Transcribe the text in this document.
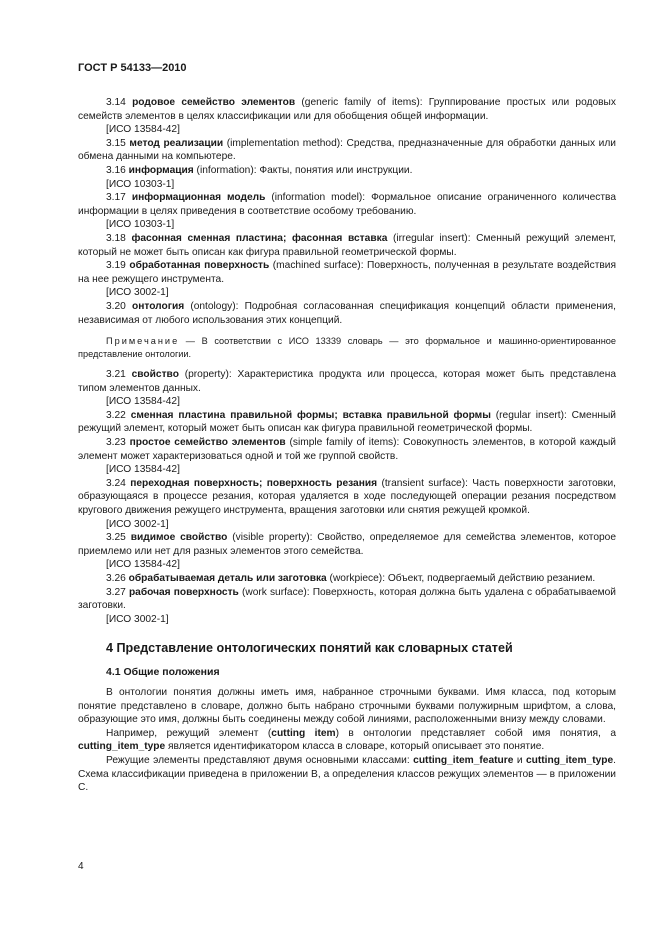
ГОСТ Р 54133—2010

3.14 родовое семейство элементов (generic family of items): Группирование простых или родовых семейств элементов в целях классификации или для обобщения общей информации.

[ИСО 13584-42]

3.15 метод реализации (implementation method): Средства, предназначенные для обработки данных или обмена данными на компьютере.

3.16 информация (information): Факты, понятия или инструкции.

[ИСО 10303-1]

3.17 информационная модель (information model): Формальное описание ограниченного количества информации в целях приведения в соответствие особому требованию.

[ИСО 10303-1]

3.18 фасонная сменная пластина; фасонная вставка (irregular insert): Сменный режущий элемент, который не может быть описан как фигура правильной геометрической формы.

3.19 обработанная поверхность (machined surface): Поверхность, полученная в результате воздействия на нее режущего инструмента.

[ИСО 3002-1]

3.20 онтология (ontology): Подробная согласованная спецификация концепций области применения, независимая от любого использования этих концепций.

Примечание — В соответствии с ИСО 13339 словарь — это формальное и машинно-ориентированное представление онтологии.

3.21 свойство (property): Характеристика продукта или процесса, которая может быть представлена типом элементов данных.

[ИСО 13584-42]

3.22 сменная пластина правильной формы; вставка правильной формы (regular insert): Сменный режущий элемент, который может быть описан как фигура правильной геометрической формы.

3.23 простое семейство элементов (simple family of items): Совокупность элементов, в которой каждый элемент может характеризоваться одной и той же группой свойств.

[ИСО 13584-42]

3.24 переходная поверхность; поверхность резания (transient surface): Часть поверхности заготовки, образующаяся в процессе резания, которая удаляется в ходе последующей операции резания посредством кругового движения режущего инструмента, вращения заготовки или снятия режущей кромкой.

[ИСО 3002-1]

3.25 видимое свойство (visible property): Свойство, определяемое для семейства элементов, которое приемлемо или нет для разных элементов этого семейства.

[ИСО 13584-42]

3.26 обрабатываемая деталь или заготовка (workpiece): Объект, подвергаемый действию резанием.

3.27 рабочая поверхность (work surface): Поверхность, которая должна быть удалена с обрабатываемой заготовки.

[ИСО 3002-1]

4 Представление онтологических понятий как словарных статей
4.1 Общие положения

В онтологии понятия должны иметь имя, набранное строчными буквами. Имя класса, под которым понятие представлено в словаре, должно быть набрано строчными буквами полужирным шрифтом, а слова, образующие это имя, должны быть соединены между собой линиями, расположенными внизу между словами.

Например, режущий элемент (cutting item) в онтологии представляет собой имя понятия, а cutting_item_type является идентификатором класса в словаре, который описывает это понятие.

Режущие элементы представляют двумя основными классами: cutting_item_feature и cutting_item_type. Схема классификации приведена в приложении В, а определения классов режущих элементов — в приложении С.

4
